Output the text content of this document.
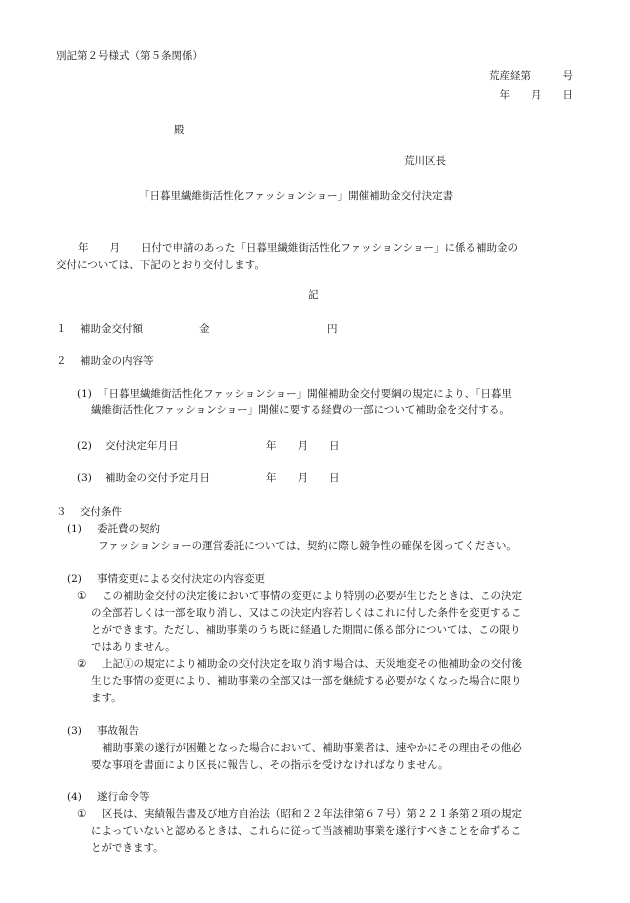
別記第２号様式（第５条関係）
荒産経第　　　号
年　　月　　日
殿
荒川区長
「日暮里繊維街活性化ファッションショー」開催補助金交付決定書
年　　月　　日付で申請のあった「日暮里繊維街活性化ファッションショー」に係る補助金の
交付については、下記のとおり交付します。
記
１ 補助金交付額	金	円
２ 補助金の内容等
(1) 「日暮里繊維街活性化ファッションショー」開催補助金交付要綱の規定により、「日暮里
繊維街活性化ファッションショー」開催に要する経費の一部について補助金を交付する。
(2) 交付決定年月日	年　　月　　日
(3) 補助金の交付予定月日	年　　月　　日
３ 交付条件
(1) 委託費の契約
ファッションショーの運営委託については、契約に際し競争性の確保を図ってください。
(2) 事情変更による交付決定の内容変更
① この補助金交付の決定後において事情の変更により特別の必要が生じたときは、この決定
の全部若しくは一部を取り消し、又はこの決定内容若しくはこれに付した条件を変更するこ
とができます。ただし、補助事業のうち既に経過した期間に係る部分については、この限り
ではありません。
② 上記①の規定により補助金の交付決定を取り消す場合は、天災地変その他補助金の交付後
生じた事情の変更により、補助事業の全部又は一部を継続する必要がなくなった場合に限り
ます。
(3) 事故報告
補助事業の遂行が困難となった場合において、補助事業者は、速やかにその理由その他必
要な事項を書面により区長に報告し、その指示を受けなければなりません。
(4) 遂行命令等
① 区長は、実績報告書及び地方自治法（昭和２２年法律第６７号）第２２１条第２項の規定
によっていないと認めるときは、これらに従って当該補助事業を遂行すべきことを命ずるこ
とができます。
